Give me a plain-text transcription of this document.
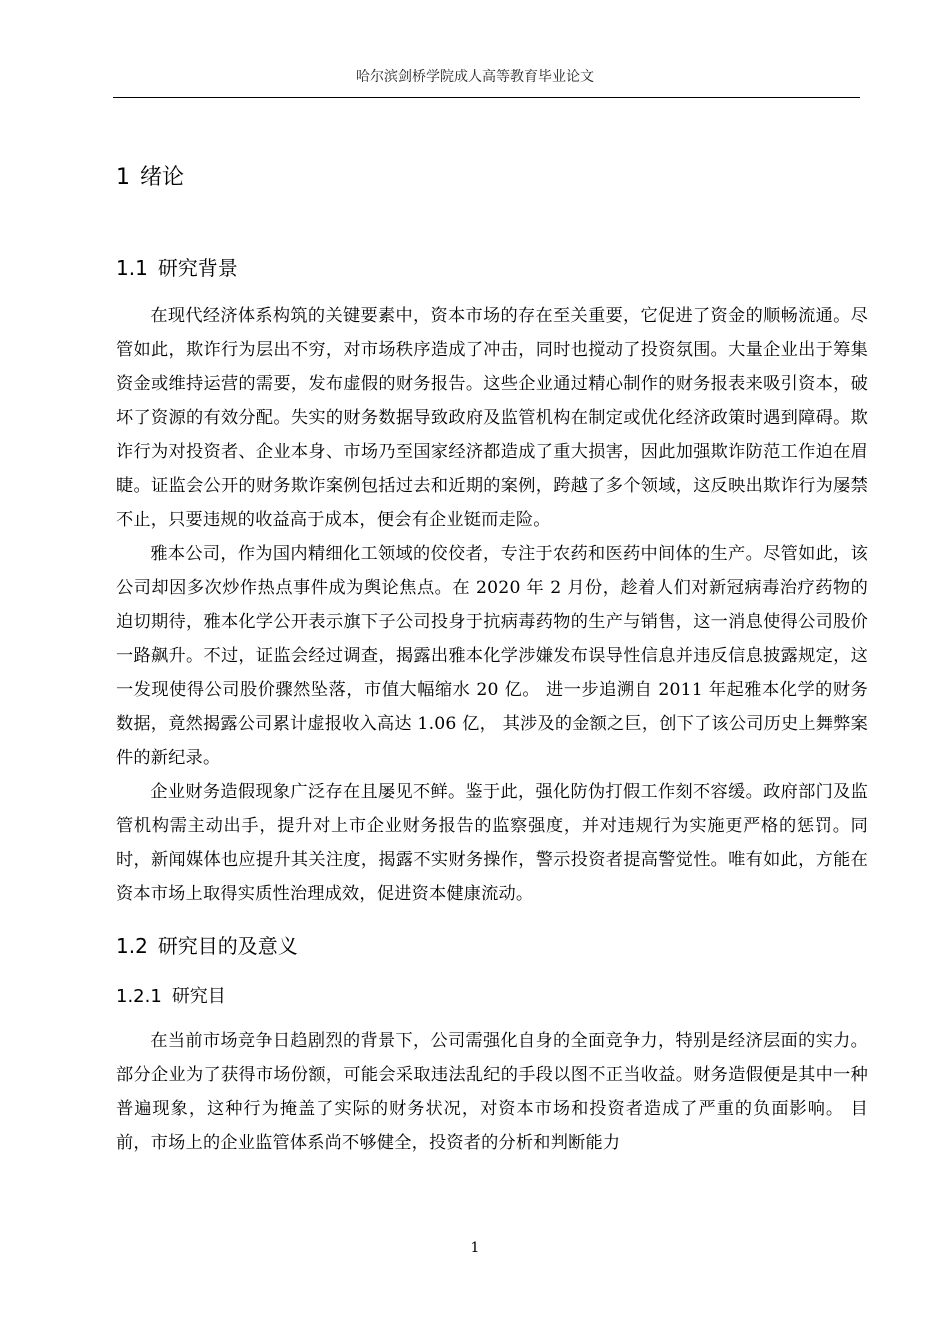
哈尔滨剑桥学院成人高等教育毕业论文
1 绪论
1.1 研究背景

在现代经济体系构筑的关键要素中，资本市场的存在至关重要，它促进了资金的顺畅流通。尽管如此，欺诈行为层出不穷，对市场秩序造成了冲击，同时也搅动了投资氛围。大量企业出于筹集资金或维持运营的需要，发布虚假的财务报告。这些企业通过精心制作的财务报表来吸引资本，破坏了资源的有效分配。失实的财务数据导致政府及监管机构在制定或优化经济政策时遇到障碍。欺诈行为对投资者、企业本身、市场乃至国家经济都造成了重大损害，因此加强欺诈防范工作迫在眉睫。证监会公开的财务欺诈案例包括过去和近期的案例，跨越了多个领域，这反映出欺诈行为屡禁不止，只要违规的收益高于成本，便会有企业铤而走险。

雅本公司，作为国内精细化工领域的佼佼者，专注于农药和医药中间体的生产。尽管如此，该公司却因多次炒作热点事件成为舆论焦点。在 2020 年 2 月份，趁着人们对新冠病毒治疗药物的迫切期待，雅本化学公开表示旗下子公司投身于抗病毒药物的生产与销售，这一消息使得公司股价一路飙升。不过，证监会经过调查，揭露出雅本化学涉嫌发布误导性信息并违反信息披露规定，这一发现使得公司股价骤然坠落，市值大幅缩水 20 亿。 进一步追溯自 2011 年起雅本化学的财务数据，竟然揭露公司累计虚报收入高达 1.06 亿， 其涉及的金额之巨，创下了该公司历史上舞弊案件的新纪录。

企业财务造假现象广泛存在且屡见不鲜。鉴于此，强化防伪打假工作刻不容缓。政府部门及监管机构需主动出手，提升对上市企业财务报告的监察强度，并对违规行为实施更严格的惩罚。同时，新闻媒体也应提升其关注度，揭露不实财务操作，警示投资者提高警觉性。唯有如此，方能在资本市场上取得实质性治理成效，促进资本健康流动。

1.2 研究目的及意义
1.2.1 研究目

在当前市场竞争日趋剧烈的背景下，公司需强化自身的全面竞争力，特别是经济层面的实力。部分企业为了获得市场份额，可能会采取违法乱纪的手段以图不正当收益。财务造假便是其中一种普遍现象，这种行为掩盖了实际的财务状况，对资本市场和投资者造成了严重的负面影响。 目前，市场上的企业监管体系尚不够健全，投资者的分析和判断能力

1
